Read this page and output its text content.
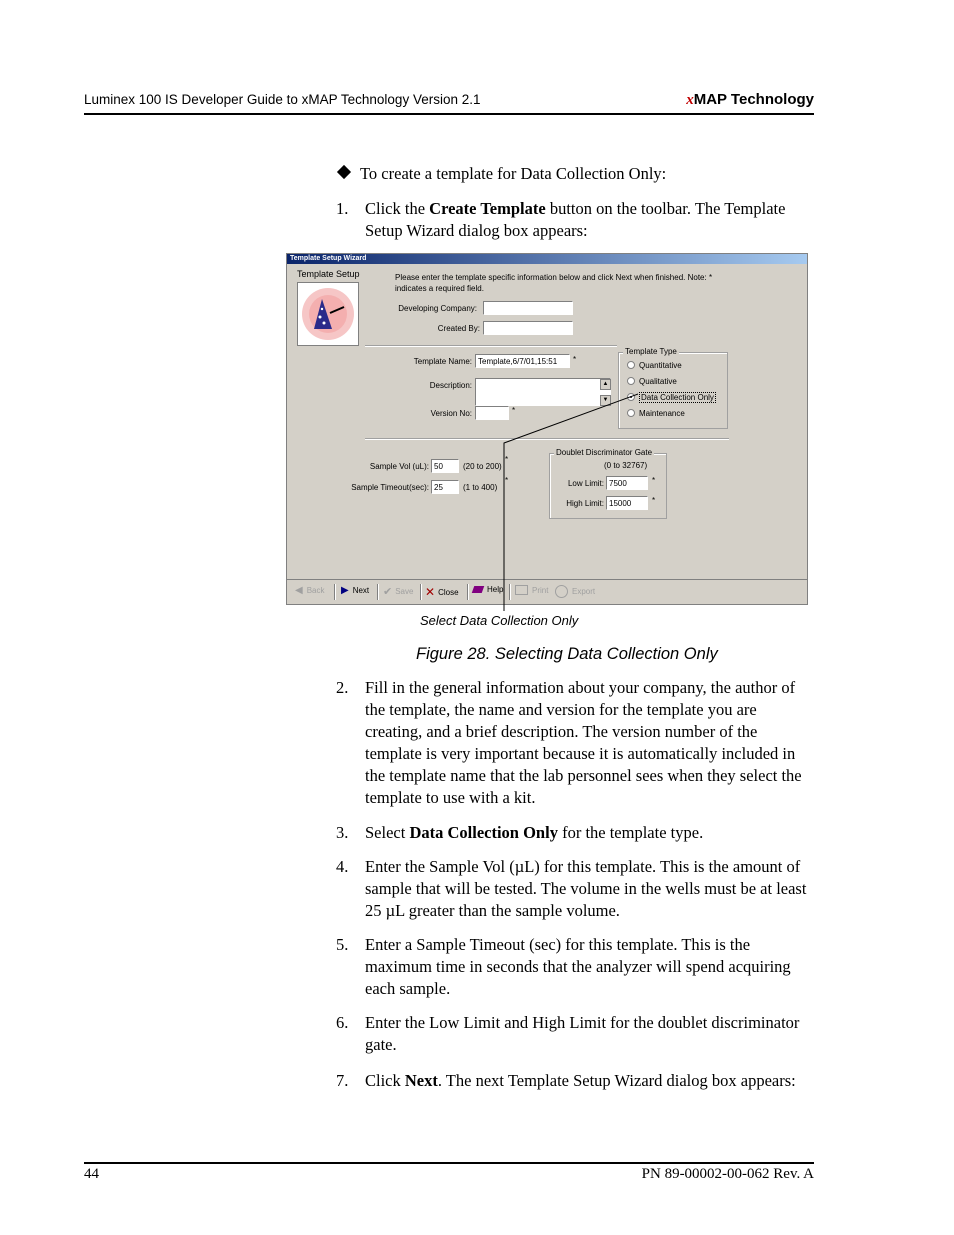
Luminex 100 IS Developer Guide to xMAP Technology Version 2.1	xMAP Technology
To create a template for Data Collection Only:
1. Click the Create Template button on the toolbar. The Template Setup Wizard dialog box appears:
Template Setup Wizard
Template Setup	Please enter the template specific information below and click Next when finished. Note: * indicates a required field.
Developing Company:
Created By:
Template Name: Template,6/7/01,15:51	*
Description:	▲
▼
Version No:	*
Template Type
Quantitative
Qualitative
Data Collection Only
Maintenance
Sample Vol (uL): 50	(20 to 200)
*
Sample Timeout(sec): 25	(1 to 400)
*
Doublet Discriminator Gate
(0 to 32767)
Low Limit: 7500	*
High Limit: 15000	*
◀ Back ▶ Next ✔ Save ✕ Close	Help	Print	Export
Select Data Collection Only
Figure 28. Selecting Data Collection Only
2. Fill in the general information about your company, the author of the template, the name and version for the template you are creating, and a brief description. The version number of the template is very important because it is automatically included in the template name that the lab personnel sees when they select the template to use with a kit.
3. Select Data Collection Only for the template type.
4. Enter the Sample Vol (µL) for this template. This is the amount of sample that will be tested. The volume in the wells must be at least 25 µL greater than the sample volume.
5. Enter a Sample Timeout (sec) for this template. This is the maximum time in seconds that the analyzer will spend acquiring each sample.
6. Enter the Low Limit and High Limit for the doublet discriminator gate.
7. Click Next. The next Template Setup Wizard dialog box appears:
44	PN 89-00002-00-062 Rev. A
